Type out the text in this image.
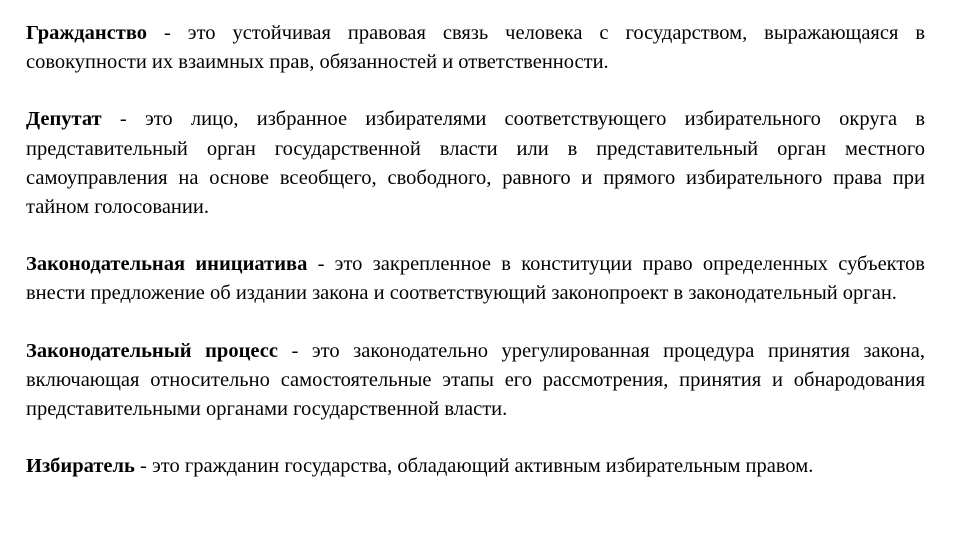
Гражданство - это устойчивая правовая связь человека с государством, выражающаяся в совокупности их взаимных прав, обязанностей и ответственности.

Депутат - это лицо, избранное избирателями соответствующего избирательного округа в представительный орган государственной власти или в представительный орган местного самоуправления на основе всеобщего, свободного, равного и прямого избирательного права при тайном голосовании.

Законодательная инициатива - это закрепленное в конституции право определенных субъектов внести предложение об издании закона и соответствующий законопроект в законодательный орган.

Законодательный процесс - это законодательно урегулированная процедура принятия закона, включающая относительно самостоятельные этапы его рассмотрения, принятия и обнародования представительными органами государственной власти.

Избиратель - это гражданин государства, обладающий активным избирательным правом.
